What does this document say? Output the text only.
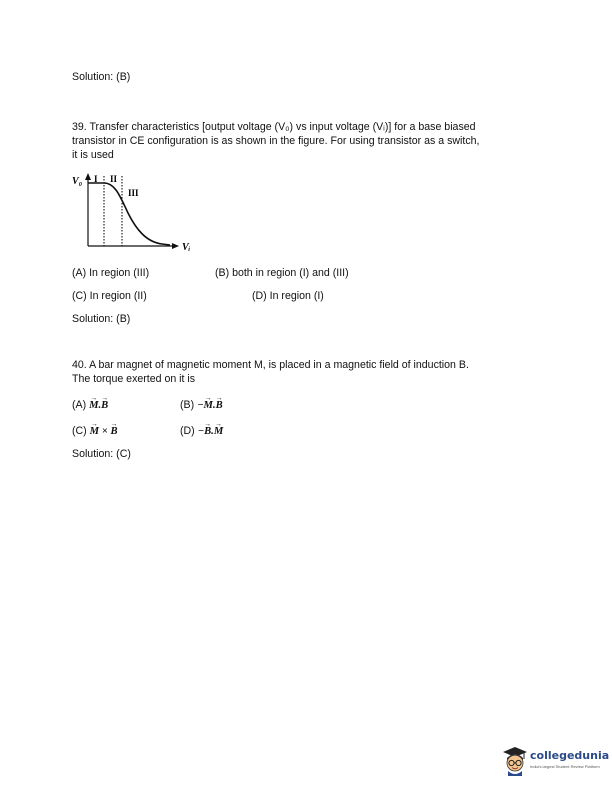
Solution: (B)
39. Transfer characteristics [output voltage (V₀) vs input voltage (Vᵢ)] for a base biased
transistor in CE configuration is as shown in the figure. For using transistor as a switch,
it is used
V₀
Vᵢ
I II
III
(A) In region (III)	(B) both in region (I) and (III)
(C) In region (II)	(D) In region (I)
Solution: (B)
40. A bar magnet of magnetic moment M, is placed in a magnetic field of induction B.
The torque exerted on it is
(A) → M.→ B	(B) −→ M.→ B
(C) → M × → B	(D) −→ B.→ M
Solution: (C)
collegedunia
India's largest Student Review Platform
